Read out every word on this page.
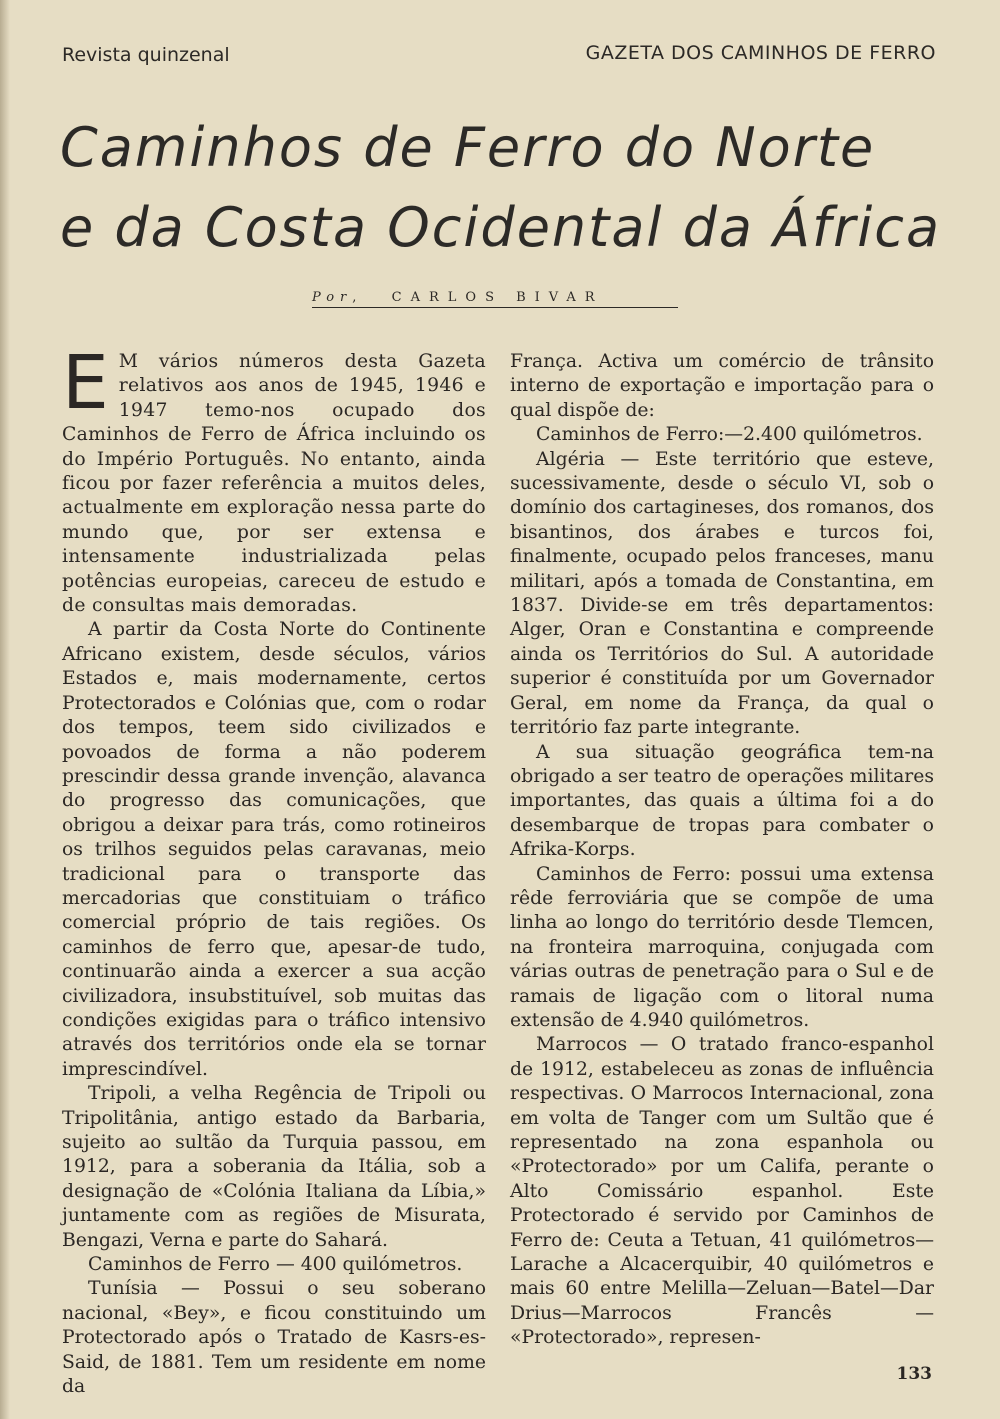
Revista quinzenal	GAZETA DOS CAMINHOS DE FERRO
Caminhos de Ferro do Norte
e da Costa Ocidental da África
Por,  CARLOS BIVAR

E M vários números desta Gazeta relativos aos anos de 1945, 1946 e 1947 temo-nos ocupado dos Caminhos de Ferro de África incluindo os do Império Português. No entanto, ainda ficou por fazer referência a muitos deles, actualmente em exploração nessa parte do mundo que, por ser extensa e intensamente industrializada pelas potências europeias, careceu de estudo e de consultas mais demoradas.

A partir da Costa Norte do Continente Africano existem, desde séculos, vários Estados e, mais modernamente, certos Protectorados e Colónias que, com o rodar dos tempos, teem sido civilizados e povoados de forma a não poderem prescindir dessa grande invenção, alavanca do progresso das comunicações, que obrigou a deixar para trás, como rotineiros os trilhos seguidos pelas caravanas, meio tradicional para o transporte das mercadorias que constituiam o tráfico comercial próprio de tais regiões. Os caminhos de ferro que, apesar-de tudo, continuarão ainda a exercer a sua acção civilizadora, insubstituível, sob muitas das condições exigidas para o tráfico intensivo através dos territórios onde ela se tornar imprescindível.

Tripoli, a velha Regência de Tripoli ou Tripolitânia, antigo estado da Barbaria, sujeito ao sultão da Turquia passou, em 1912, para a soberania da Itália, sob a designação de «Colónia Italiana da Líbia,» juntamente com as regiões de Misurata, Bengazi, Verna e parte do Sahará.

Caminhos de Ferro — 400 quilómetros.

Tunísia — Possui o seu soberano nacional, «Bey», e ficou constituindo um Protectorado após o Tratado de Kasrs-es-Said, de 1881. Tem um residente em nome da

França. Activa um comércio de trânsito interno de exportação e importação para o qual dispõe de:

Caminhos de Ferro:—2.400 quilómetros.

Algéria — Este território que esteve, sucessivamente, desde o século VI, sob o domínio dos cartagineses, dos romanos, dos bisantinos, dos árabes e turcos foi, finalmente, ocupado pelos franceses, manu militari, após a tomada de Constantina, em 1837. Divide-se em três departamentos: Alger, Oran e Constantina e compreende ainda os Territórios do Sul. A autoridade superior é constituída por um Governador Geral, em nome da França, da qual o território faz parte integrante.

A sua situação geográfica tem-na obrigado a ser teatro de operações militares importantes, das quais a última foi a do desembarque de tropas para combater o Afrika-Korps.

Caminhos de Ferro: possui uma extensa rêde ferroviária que se compõe de uma linha ao longo do território desde Tlemcen, na fronteira marroquina, conjugada com várias outras de penetração para o Sul e de ramais de ligação com o litoral numa extensão de 4.940 quilómetros.

Marrocos — O tratado franco-espanhol de 1912, estabeleceu as zonas de influência respectivas. O Marrocos Internacional, zona em volta de Tanger com um Sultão que é representado na zona espanhola ou «Protectorado» por um Califa, perante o Alto Comissário espanhol. Este Protectorado é servido por Caminhos de Ferro de: Ceuta a Tetuan, 41 quilómetros—Larache a Alcacerquibir, 40 quilómetros e mais 60 entre Melilla—Zeluan—Batel—Dar Drius—Marrocos Francês — «Protectorado», represen-

133
